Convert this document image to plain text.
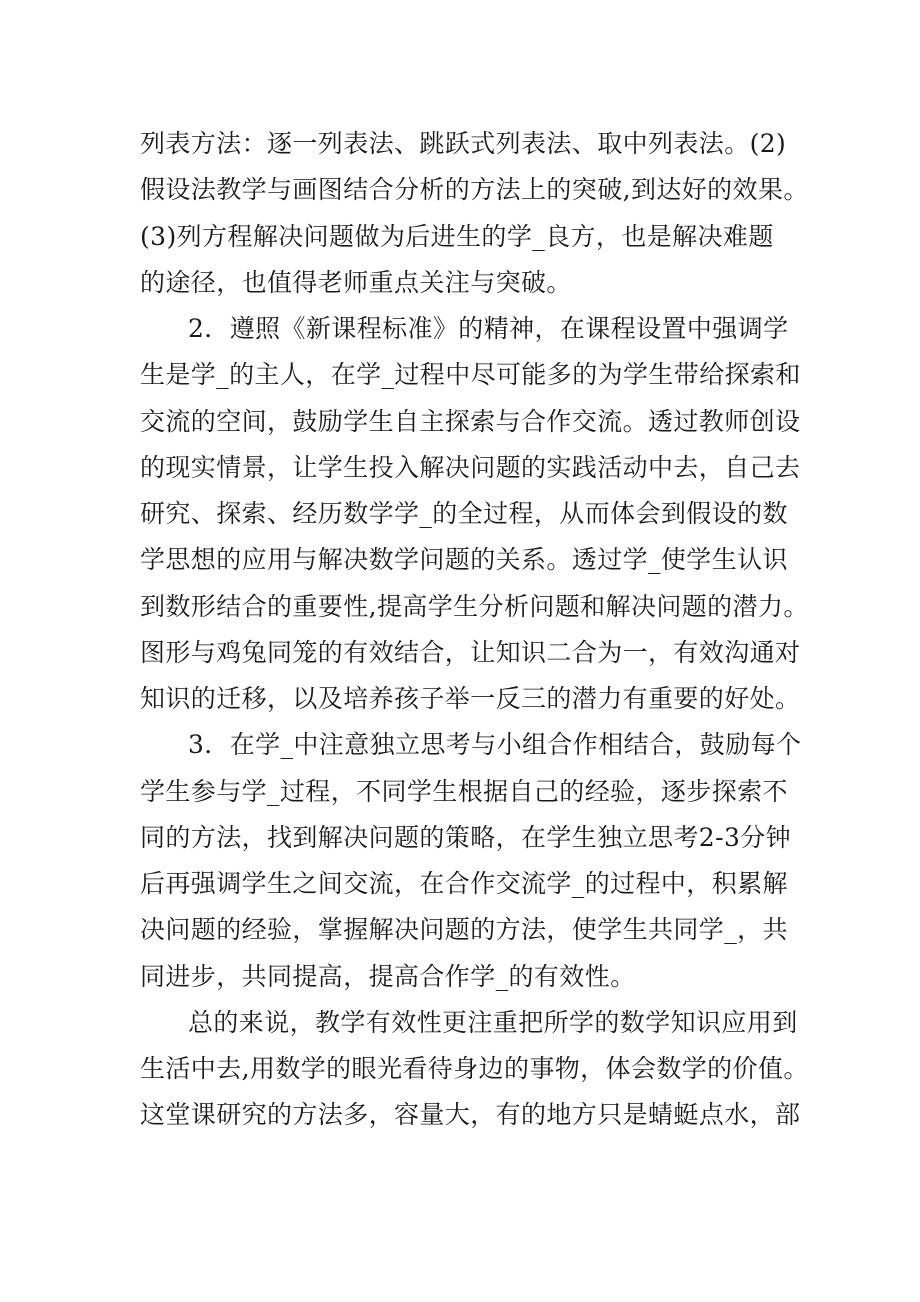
列表方法：逐一列表法、跳跃式列表法、取中列表法。(2)
假设法教学与画图结合分析的方法上的突破,到达好的效果。
(3)列方程解决问题做为后进生的学_良方，也是解决难题
的途径，也值得老师重点关注与突破。
2．遵照《新课程标准》的精神，在课程设置中强调学
生是学_的主人，在学_过程中尽可能多的为学生带给探索和
交流的空间，鼓励学生自主探索与合作交流。透过教师创设
的现实情景，让学生投入解决问题的实践活动中去，自己去
研究、探索、经历数学学_的全过程，从而体会到假设的数
学思想的应用与解决数学问题的关系。透过学_使学生认识
到数形结合的重要性,提高学生分析问题和解决问题的潜力。
图形与鸡兔同笼的有效结合，让知识二合为一，有效沟通对
知识的迁移，以及培养孩子举一反三的潜力有重要的好处。
3．在学_中注意独立思考与小组合作相结合，鼓励每个
学生参与学_过程，不同学生根据自己的经验，逐步探索不
同的方法，找到解决问题的策略，在学生独立思考2-3分钟
后再强调学生之间交流，在合作交流学_的过程中，积累解
决问题的经验，掌握解决问题的方法，使学生共同学_，共
同进步，共同提高，提高合作学_的有效性。
总的来说，教学有效性更注重把所学的数学知识应用到
生活中去,用数学的眼光看待身边的事物，体会数学的价值。
这堂课研究的方法多，容量大，有的地方只是蜻蜓点水，部
